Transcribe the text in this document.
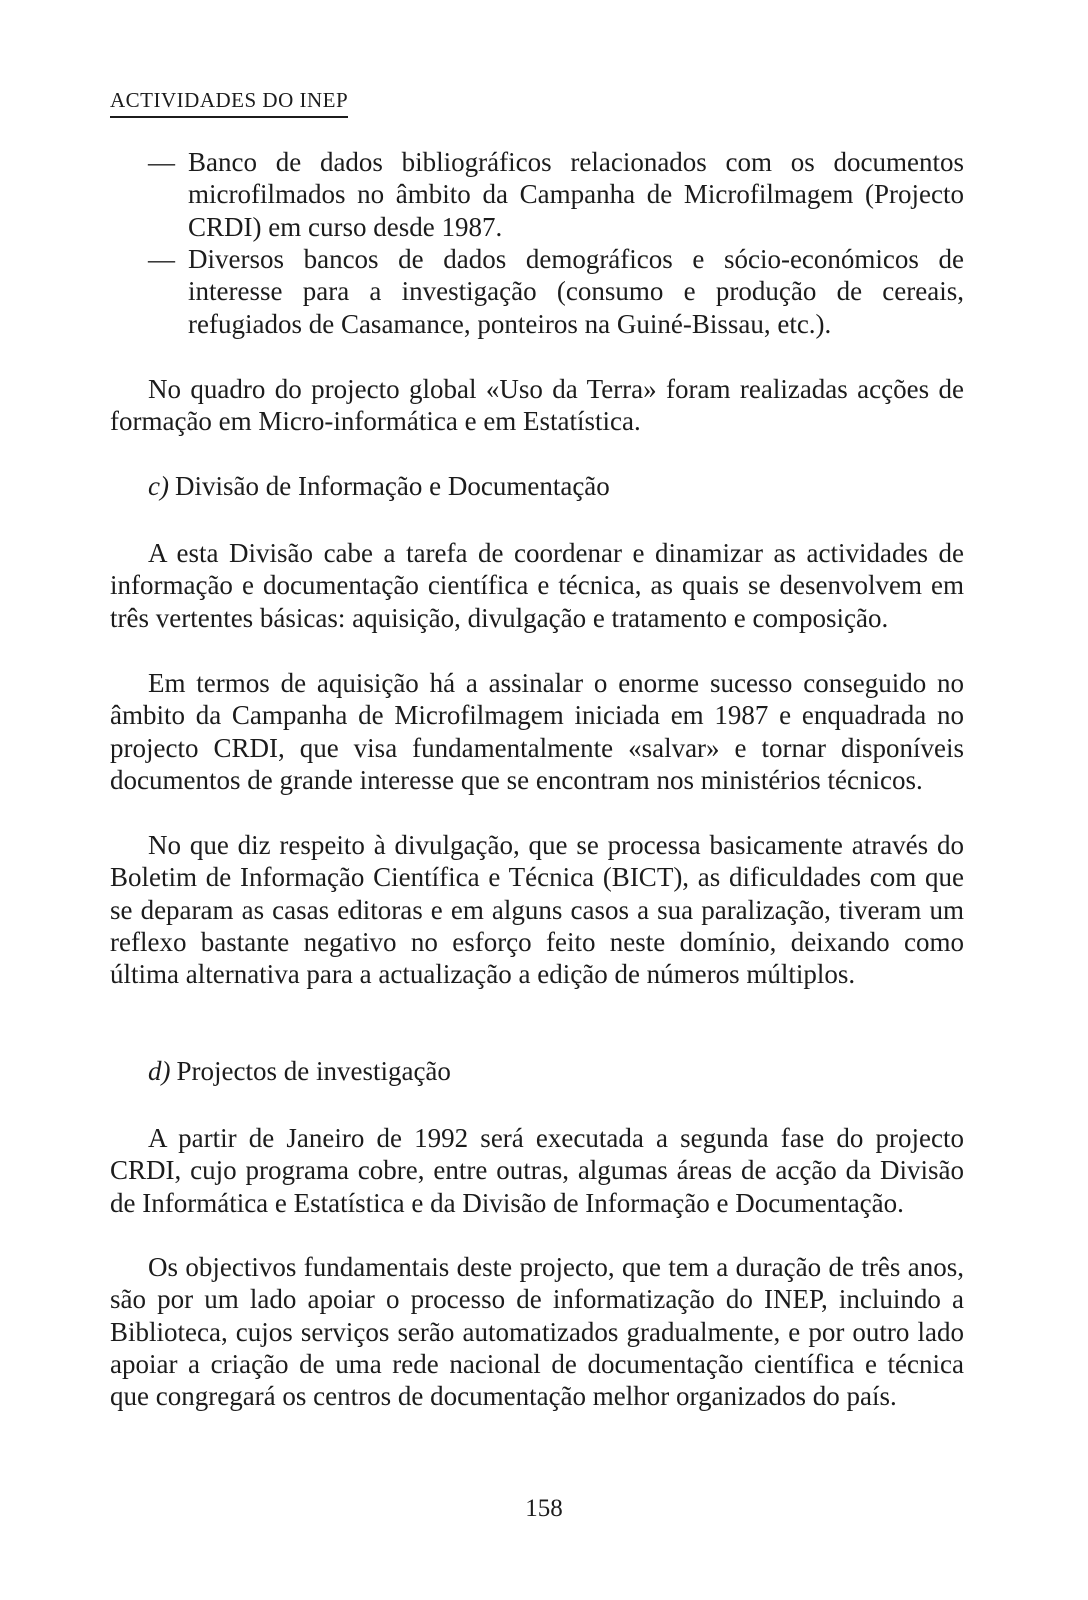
ACTIVIDADES DO INEP

— Banco de dados bibliográficos relacionados com os documentos microfilmados no âmbito da Campanha de Microfilmagem (Projecto CRDI) em curso desde 1987.

— Diversos bancos de dados demográficos e sócio-económicos de interesse para a investigação (consumo e produção de cereais, refugiados de Casamance, ponteiros na Guiné-Bissau, etc.).

No quadro do projecto global «Uso da Terra» foram realizadas acções de formação em Micro-informática e em Estatística.

c) Divisão de Informação e Documentação

A esta Divisão cabe a tarefa de coordenar e dinamizar as actividades de informação e documentação científica e técnica, as quais se desenvolvem em três vertentes básicas: aquisição, divulgação e tratamento e composição.

Em termos de aquisição há a assinalar o enorme sucesso conseguido no âmbito da Campanha de Microfilmagem iniciada em 1987 e enquadrada no projecto CRDI, que visa fundamentalmente «salvar» e tornar disponíveis documentos de grande interesse que se encontram nos ministérios técnicos.

No que diz respeito à divulgação, que se processa basicamente através do Boletim de Informação Científica e Técnica (BICT), as dificuldades com que se deparam as casas editoras e em alguns casos a sua paralização, tiveram um reflexo bastante negativo no esforço feito neste domínio, deixando como última alternativa para a actualização a edição de números múltiplos.

d) Projectos de investigação

A partir de Janeiro de 1992 será executada a segunda fase do projecto CRDI, cujo programa cobre, entre outras, algumas áreas de acção da Divisão de Informática e Estatística e da Divisão de Informação e Documentação.

Os objectivos fundamentais deste projecto, que tem a duração de três anos, são por um lado apoiar o processo de informatização do INEP, incluindo a Biblioteca, cujos serviços serão automatizados gradualmente, e por outro lado apoiar a criação de uma rede nacional de documentação científica e técnica que congregará os centros de documentação melhor organizados do país.

158
